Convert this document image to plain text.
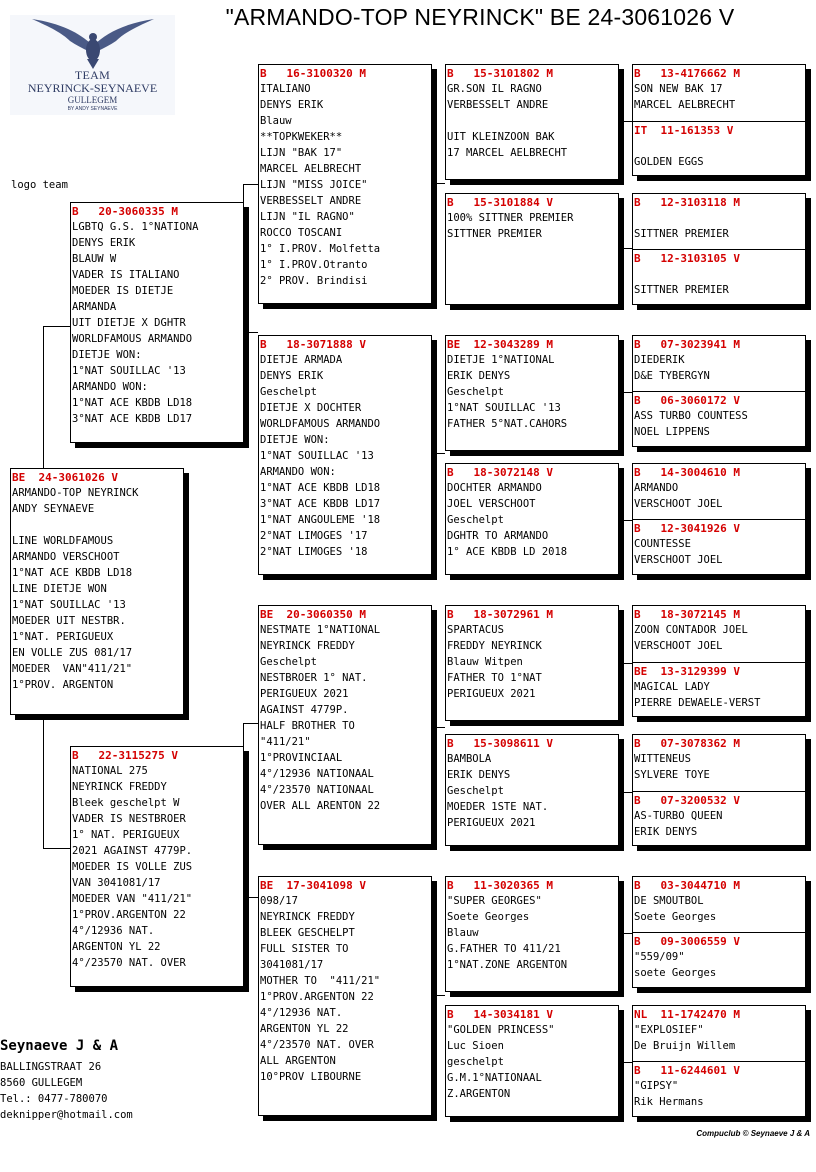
"ARMANDO-TOP NEYRINCK" BE 24-3061026 V
TEAM
NEYRINCK-SEYNAEVE
GULLEGEM
BY ANDY SEYNAEVE
logo team
BE  24-3061026 V
ARMANDO-TOP NEYRINCK
ANDY SEYNAEVE

LINE WORLDFAMOUS
ARMANDO VERSCHOOT
1°NAT ACE KBDB LD18
LINE DIETJE WON
1°NAT SOUILLAC '13
MOEDER UIT NESTBR.
1°NAT. PERIGUEUX
EN VOLLE ZUS 081/17
MOEDER  VAN"411/21"
1°PROV. ARGENTON
B   20-3060335 M
LGBTQ G.S. 1°NATIONA
DENYS ERIK
BLAUW W
VADER IS ITALIANO
MOEDER IS DIETJE
ARMANDA
UIT DIETJE X DGHTR
WORLDFAMOUS ARMANDO
DIETJE WON:
1°NAT SOUILLAC '13
ARMANDO WON:
1°NAT ACE KBDB LD18
3°NAT ACE KBDB LD17
B   22-3115275 V
NATIONAL 275
NEYRINCK FREDDY
Bleek geschelpt W
VADER IS NESTBROER
1° NAT. PERIGUEUX
2021 AGAINST 4779P.
MOEDER IS VOLLE ZUS
VAN 3041081/17
MOEDER VAN "411/21"
1°PROV.ARGENTON 22
4°/12936 NAT.
ARGENTON YL 22
4°/23570 NAT. OVER
B   16-3100320 M
ITALIANO
DENYS ERIK
Blauw
**TOPKWEKER**
LIJN "BAK 17"
MARCEL AELBRECHT
LIJN "MISS JOICE"
VERBESSELT ANDRE
LIJN "IL RAGNO"
ROCCO TOSCANI
1° I.PROV. Molfetta
1° I.PROV.Otranto
2° PROV. Brindisi
B   18-3071888 V
DIETJE ARMADA
DENYS ERIK
Geschelpt
DIETJE X DOCHTER
WORLDFAMOUS ARMANDO
DIETJE WON:
1°NAT SOUILLAC '13
ARMANDO WON:
1°NAT ACE KBDB LD18
3°NAT ACE KBDB LD17
1°NAT ANGOULEME '18
2°NAT LIMOGES '17
2°NAT LIMOGES '18
BE  20-3060350 M
NESTMATE 1°NATIONAL
NEYRINCK FREDDY
Geschelpt
NESTBROER 1° NAT.
PERIGUEUX 2021
AGAINST 4779P.
HALF BROTHER TO
"411/21"
1°PROVINCIAAL
4°/12936 NATIONAAL
4°/23570 NATIONAAL
OVER ALL ARENTON 22
BE  17-3041098 V
098/17
NEYRINCK FREDDY
BLEEK GESCHELPT
FULL SISTER TO
3041081/17
MOTHER TO  "411/21"
1°PROV.ARGENTON 22
4°/12936 NAT.
ARGENTON YL 22
4°/23570 NAT. OVER
ALL ARGENTON
10°PROV LIBOURNE
B   15-3101802 M
GR.SON IL RAGNO
VERBESSELT ANDRE

UIT KLEINZOON BAK
17 MARCEL AELBRECHT
B   15-3101884 V
100% SITTNER PREMIER
SITTNER PREMIER
BE  12-3043289 M
DIETJE 1°NATIONAL
ERIK DENYS
Geschelpt
1°NAT SOUILLAC '13
FATHER 5°NAT.CAHORS
B   18-3072148 V
DOCHTER ARMANDO
JOEL VERSCHOOT
Geschelpt
DGHTR TO ARMANDO
1° ACE KBDB LD 2018
B   18-3072961 M
SPARTACUS
FREDDY NEYRINCK
Blauw Witpen
FATHER TO 1°NAT
PERIGUEUX 2021
B   15-3098611 V
BAMBOLA
ERIK DENYS
Geschelpt
MOEDER 1STE NAT.
PERIGUEUX 2021
B   11-3020365 M
"SUPER GEORGES"
Soete Georges
Blauw
G.FATHER TO 411/21
1°NAT.ZONE ARGENTON
B   14-3034181 V
"GOLDEN PRINCESS"
Luc Sioen
geschelpt
G.M.1°NATIONAAL
Z.ARGENTON
B   13-4176662 M
SON NEW BAK 17
MARCEL AELBRECHT
IT  11-161353 V

GOLDEN EGGS
B   12-3103118 M

SITTNER PREMIER
B   12-3103105 V

SITTNER PREMIER
B   07-3023941 M
DIEDERIK
D&E TYBERGYN
B   06-3060172 V
ASS TURBO COUNTESS
NOEL LIPPENS
B   14-3004610 M
ARMANDO
VERSCHOOT JOEL
B   12-3041926 V
COUNTESSE
VERSCHOOT JOEL
B   18-3072145 M
ZOON CONTADOR JOEL
VERSCHOOT JOEL
BE  13-3129399 V
MAGICAL LADY
PIERRE DEWAELE-VERST
B   07-3078362 M
WITTENEUS
SYLVERE TOYE
B   07-3200532 V
AS-TURBO QUEEN
ERIK DENYS
B   03-3044710 M
DE SMOUTBOL
Soete Georges
B   09-3006559 V
"559/09"
soete Georges
NL  11-1742470 M
"EXPLOSIEF"
De Bruijn Willem
B   11-6244601 V
"GIPSY"
Rik Hermans
Seynaeve J & A
BALLINGSTRAAT 26
8560 GULLEGEM
Tel.: 0477-780070
deknipper@hotmail.com
Compuclub © Seynaeve J & A
